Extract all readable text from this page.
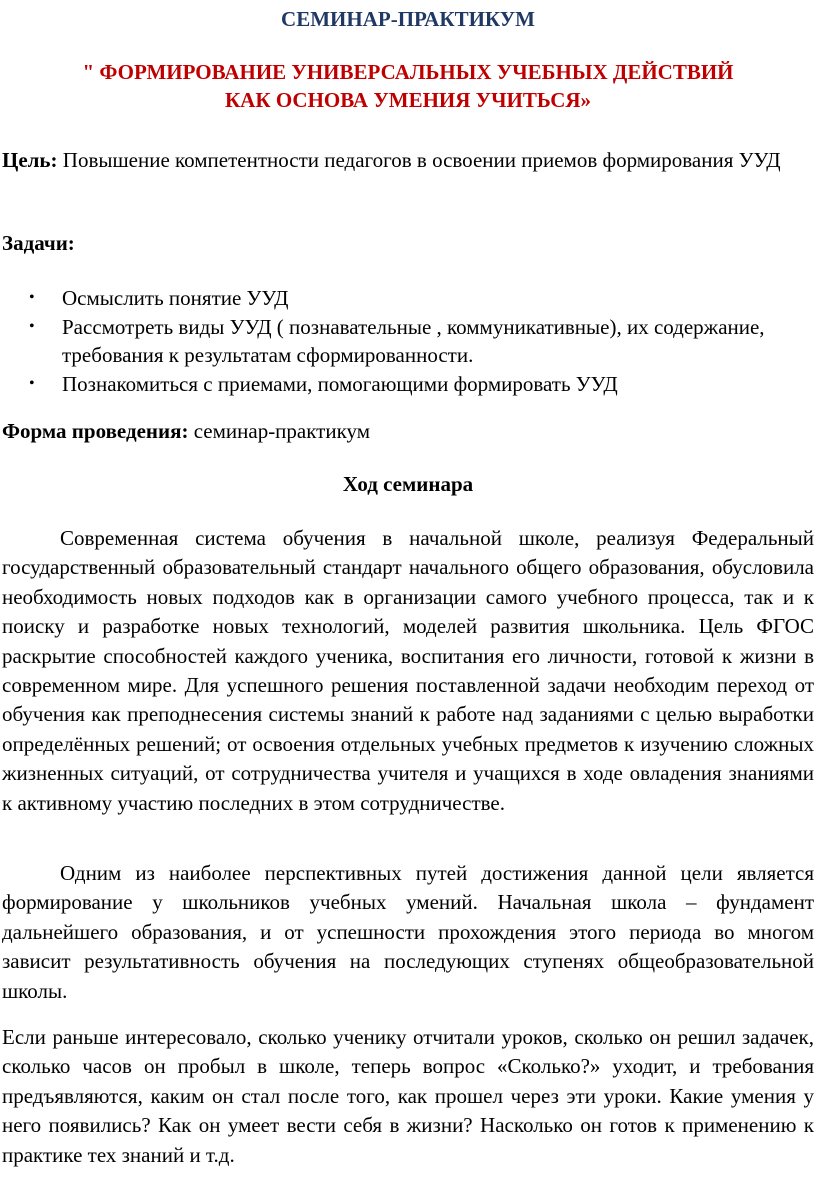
СЕМИНАР-ПРАКТИКУМ
" ФОРМИРОВАНИЕ УНИВЕРСАЛЬНЫХ УЧЕБНЫХ ДЕЙСТВИЙ
КАК ОСНОВА УМЕНИЯ УЧИТЬСЯ»

Цель: Повышение компетентности педагогов в освоении приемов формирования УУД

Задачи:

• Осмыслить понятие УУД
• Рассмотреть виды УУД ( познавательные , коммуникативные), их содержание, требования к результатам сформированности.
• Познакомиться с приемами, помогающими формировать УУД

Форма проведения: семинар-практикум

Ход семинара

Современная система обучения в начальной школе, реализуя Федеральный государственный образовательный стандарт начального общего образования, обусловила необходимость новых подходов как в организации самого учебного процесса, так и к поиску и разработке новых технологий, моделей развития школьника. Цель ФГОС раскрытие способностей каждого ученика, воспитания его личности, готовой к жизни в современном мире. Для успешного решения поставленной задачи необходим переход от обучения как преподнесения системы знаний к работе над заданиями с целью выработки определённых решений; от освоения отдельных учебных предметов к изучению сложных жизненных ситуаций, от сотрудничества учителя и учащихся в ходе овладения знаниями к активному участию последних в этом сотрудничестве.

Одним из наиболее перспективных путей достижения данной цели является формирование у школьников учебных умений. Начальная школа – фундамент дальнейшего образования, и от успешности прохождения этого периода во многом зависит результативность обучения на последующих ступенях общеобразовательной школы.

Если раньше интересовало, сколько ученику отчитали уроков, сколько он решил задачек, сколько часов он пробыл в школе, теперь вопрос «Сколько?» уходит, и требования предъявляются, каким он стал после того, как прошел через эти уроки. Какие умения у него появились? Как он умеет вести себя в жизни? Насколько он готов к применению к практике тех знаний и т.д.
